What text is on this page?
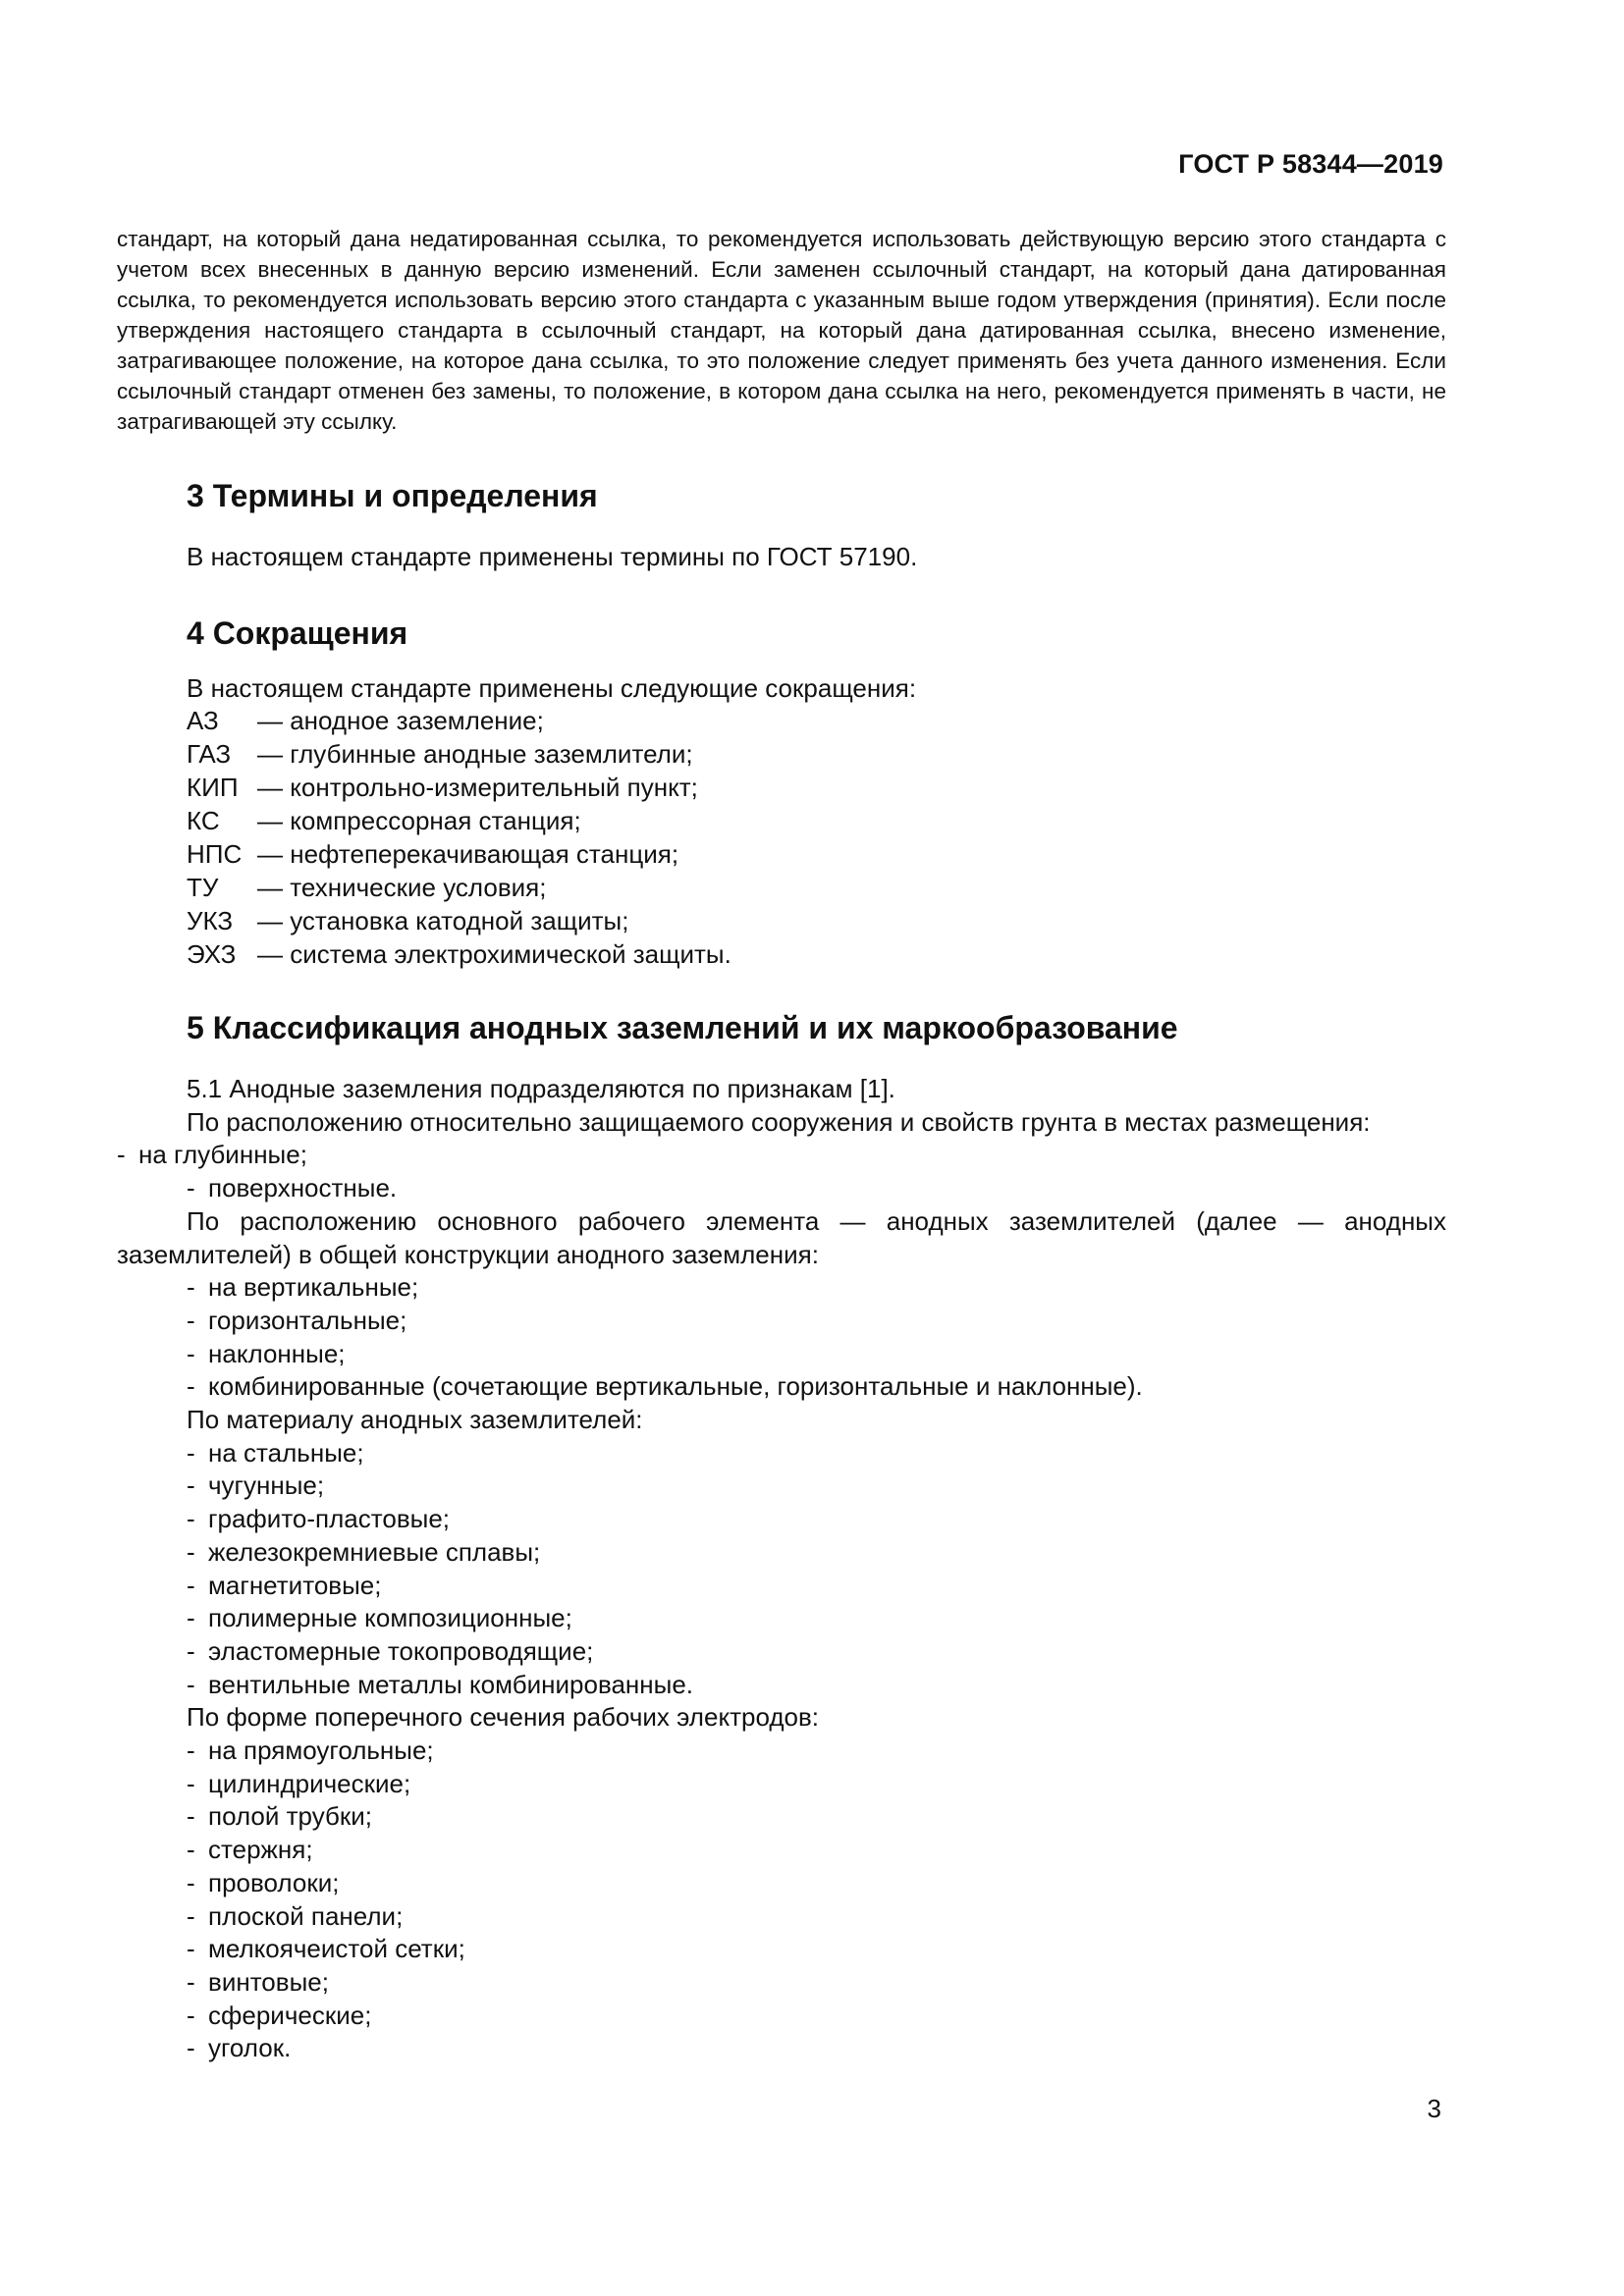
ГОСТ Р 58344—2019

стандарт, на который дана недатированная ссылка, то рекомендуется использовать действующую версию этого стандарта с учетом всех внесенных в данную версию изменений. Если заменен ссылочный стандарт, на который дана датированная ссылка, то рекомендуется использовать версию этого стандарта с указанным выше годом утверждения (принятия). Если после утверждения настоящего стандарта в ссылочный стандарт, на который дана датированная ссылка, внесено изменение, затрагивающее положение, на которое дана ссылка, то это положение следует применять без учета данного изменения. Если ссылочный стандарт отменен без замены, то положение, в котором дана ссылка на него, рекомендуется применять в части, не затрагивающей эту ссылку.

3 Термины и определения

В настоящем стандарте применены термины по ГОСТ 57190.

4 Сокращения

В настоящем стандарте применены следующие сокращения:

АЗ	— анодное заземление;
ГАЗ	— глубинные анодные заземлители;
КИП — контрольно-измерительный пункт;
КС	— компрессорная станция;
НПС — нефтеперекачивающая станция;
ТУ	— технические условия;
УКЗ — установка катодной защиты;
ЭХЗ — система электрохимической защиты.
5 Классификация анодных заземлений и их маркообразование
5.1 Анодные заземления подразделяются по признакам [1].
По расположению относительно защищаемого сооружения и свойств грунта в местах размещения:
- на глубинные;
- поверхностные.
По расположению основного рабочего элемента — анодных заземлителей (далее — анодных заземлителей) в общей конструкции анодного заземления:
- на вертикальные;
- горизонтальные;
- наклонные;
- комбинированные (сочетающие вертикальные, горизонтальные и наклонные).
По материалу анодных заземлителей:
- на стальные;
- чугунные;
- графито-пластовые;
- железокремниевые сплавы;
- магнетитовые;
- полимерные композиционные;
- эластомерные токопроводящие;
- вентильные металлы комбинированные.
По форме поперечного сечения рабочих электродов:
- на прямоугольные;
- цилиндрические;
- полой трубки;
- стержня;
- проволоки;
- плоской панели;
- мелкоячеистой сетки;
- винтовые;
- сферические;
- уголок.
3
